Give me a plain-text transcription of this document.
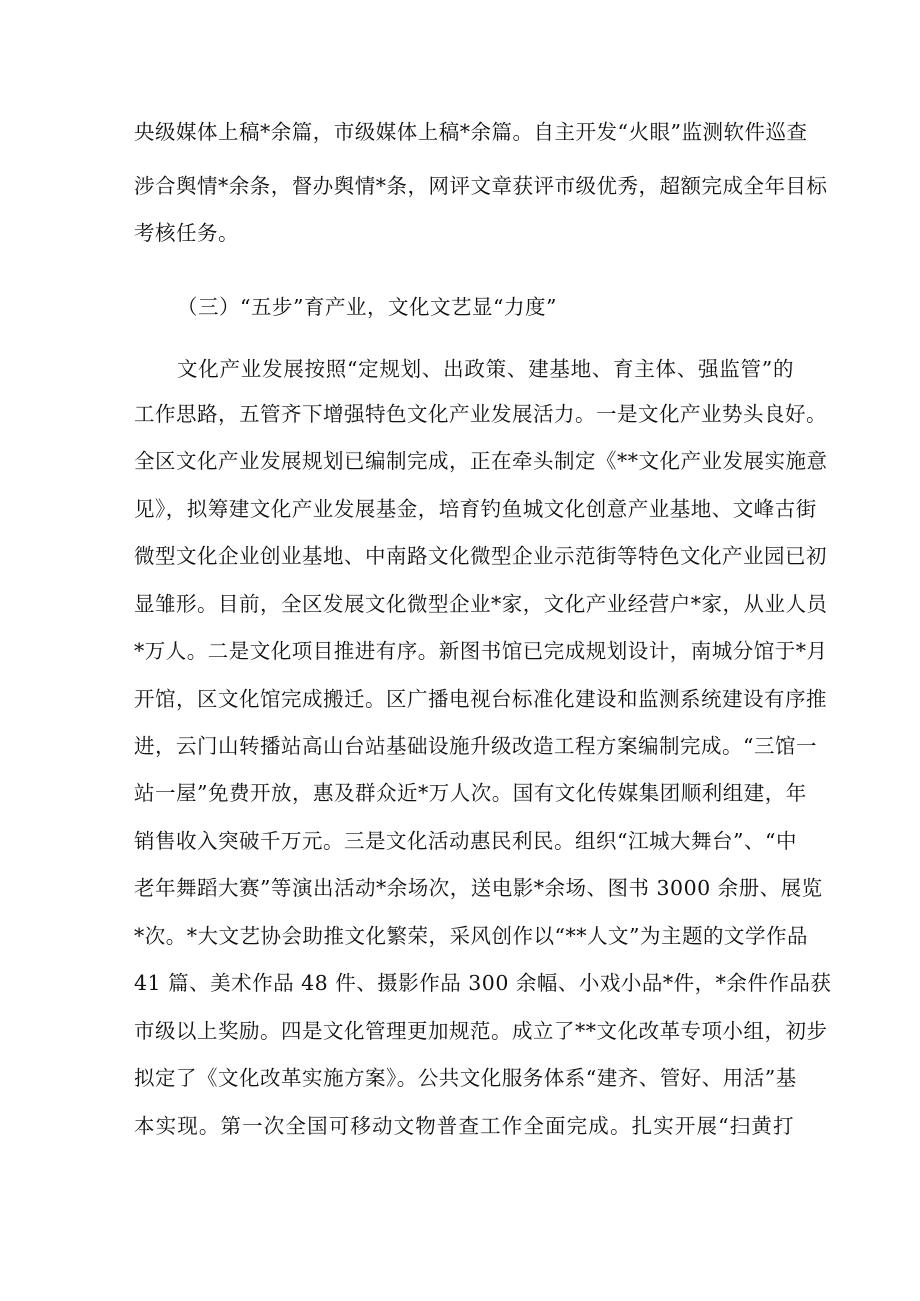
央级媒体上稿*余篇，市级媒体上稿*余篇。自主开发“火眼”监测软件巡查
涉合舆情*余条，督办舆情*条，网评文章获评市级优秀，超额完成全年目标
考核任务。
（三）“五步”育产业，文化文艺显“力度”
文化产业发展按照“定规划、出政策、建基地、育主体、强监管”的
工作思路，五管齐下增强特色文化产业发展活力。一是文化产业势头良好。
全区文化产业发展规划已编制完成，正在牵头制定《**文化产业发展实施意
见》，拟筹建文化产业发展基金，培育钓鱼城文化创意产业基地、文峰古街
微型文化企业创业基地、中南路文化微型企业示范街等特色文化产业园已初
显雏形。目前，全区发展文化微型企业*家，文化产业经营户*家，从业人员
*万人。二是文化项目推进有序。新图书馆已完成规划设计，南城分馆于*月
开馆，区文化馆完成搬迁。区广播电视台标准化建设和监测系统建设有序推
进，云门山转播站高山台站基础设施升级改造工程方案编制完成。“三馆一
站一屋”免费开放，惠及群众近*万人次。国有文化传媒集团顺利组建，年
销售收入突破千万元。三是文化活动惠民利民。组织“江城大舞台”、“中
老年舞蹈大赛”等演出活动*余场次，送电影*余场、图书 3000 余册、展览
*次。*大文艺协会助推文化繁荣，采风创作以“**人文”为主题的文学作品
41 篇、美术作品 48 件、摄影作品 300 余幅、小戏小品*件，*余件作品获
市级以上奖励。四是文化管理更加规范。成立了**文化改革专项小组，初步
拟定了《文化改革实施方案》。公共文化服务体系“建齐、管好、用活”基
本实现。第一次全国可移动文物普查工作全面完成。扎实开展“扫黄打
